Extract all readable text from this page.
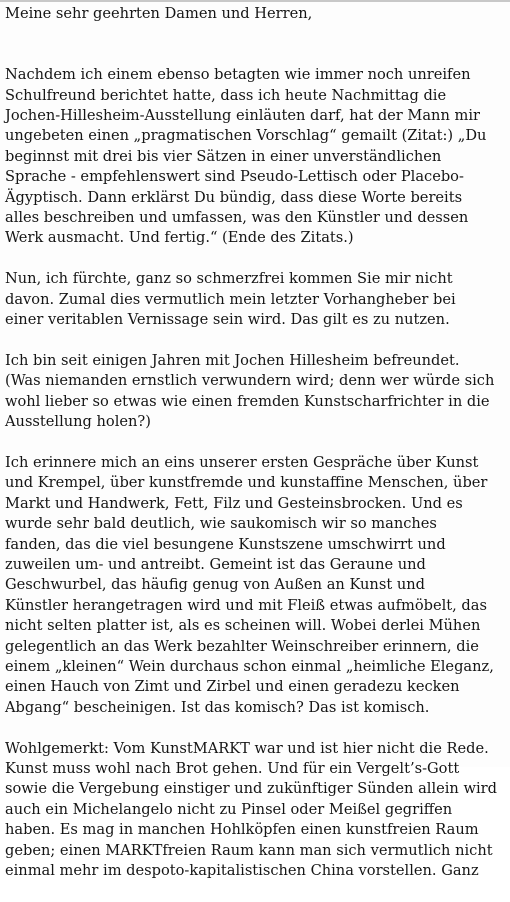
Meine sehr geehrten Damen und Herren,

Nachdem ich einem ebenso betagten wie immer noch unreifen
Schulfreund berichtet hatte, dass ich heute Nachmittag die
Jochen-Hillesheim-Ausstellung einläuten darf, hat der Mann mir
ungebeten einen „pragmatischen Vorschlag“ gemailt (Zitat:) „Du
beginnst mit drei bis vier Sätzen in einer unverständlichen
Sprache - empfehlenswert sind Pseudo-Lettisch oder Placebo-
Ägyptisch. Dann erklärst Du bündig, dass diese Worte bereits
alles beschreiben und umfassen, was den Künstler und dessen
Werk ausmacht. Und fertig.“ (Ende des Zitats.)

Nun, ich fürchte, ganz so schmerzfrei kommen Sie mir nicht
davon. Zumal dies vermutlich mein letzter Vorhangheber bei
einer veritablen Vernissage sein wird. Das gilt es zu nutzen.

Ich bin seit einigen Jahren mit Jochen Hillesheim befreundet.
(Was niemanden ernstlich verwundern wird; denn wer würde sich
wohl lieber so etwas wie einen fremden Kunstscharfrichter in die
Ausstellung holen?)

Ich erinnere mich an eins unserer ersten Gespräche über Kunst
und Krempel, über kunstfremde und kunstaffine Menschen, über
Markt und Handwerk, Fett, Filz und Gesteinsbrocken. Und es
wurde sehr bald deutlich, wie saukomisch wir so manches
fanden, das die viel besungene Kunstszene umschwirrt und
zuweilen um- und antreibt. Gemeint ist das Geraune und
Geschwurbel, das häufig genug von Außen an Kunst und
Künstler herangetragen wird und mit Fleiß etwas aufmöbelt, das
nicht selten platter ist, als es scheinen will. Wobei derlei Mühen
gelegentlich an das Werk bezahlter Weinschreiber erinnern, die
einem „kleinen“ Wein durchaus schon einmal „heimliche Eleganz,
einen Hauch von Zimt und Zirbel und einen geradezu kecken
Abgang“ bescheinigen. Ist das komisch? Das ist komisch.

Wohlgemerkt: Vom KunstMARKT war und ist hier nicht die Rede.
Kunst muss wohl nach Brot gehen. Und für ein Vergelt’s-Gott
sowie die Vergebung einstiger und zukünftiger Sünden allein wird
auch ein Michelangelo nicht zu Pinsel oder Meißel gegriffen
haben. Es mag in manchen Hohlköpfen einen kunstfreien Raum
geben; einen MARKTfreien Raum kann man sich vermutlich nicht
einmal mehr im despoto-kapitalistischen China vorstellen. Ganz
